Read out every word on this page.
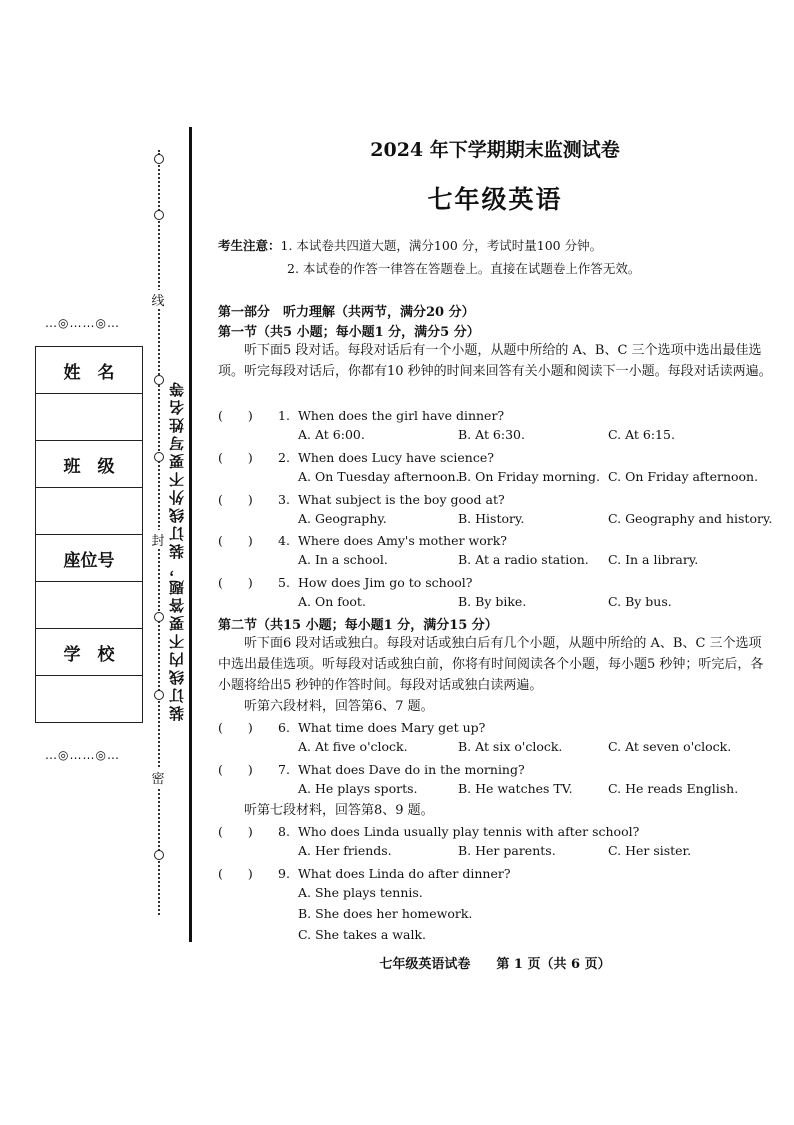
线
封
密
装订线内不要答题，装订线外不要写姓名等
…◎……◎…
…◎……◎…
姓　名

班　级

座位号

学　校

2024 年下学期期末监测试卷
七年级英语
考生注意：1. 本试卷共四道大题，满分100 分，考试时量100 分钟。
2. 本试卷的作答一律答在答题卷上。直接在试题卷上作答无效。
第一部分　听力理解（共两节，满分20 分）
第一节（共5 小题；每小题1 分，满分5 分）
听下面5 段对话。每段对话后有一个小题，从题中所给的 A、B、C 三个选项中选出最佳选项。听完每段对话后，你都有10 秒钟的时间来回答有关小题和阅读下一小题。每段对话读两遍。
(　　) 1. When does the girl have dinner?
A. At 6:00.	B. At 6:30.	C. At 6:15.
(　　) 2. When does Lucy have science?
A. On Tuesday afternoon.
B. On Friday morning. C. On Friday afternoon.
(　　) 3. What subject is the boy good at?
A. Geography.	B. History.	C. Geography and history.
(　　) 4. Where does Amy's mother work?
A. In a school.	B. At a radio station. C. In a library.
(　　) 5. How does Jim go to school?
A. On foot.	B. By bike.	C. By bus.
第二节（共15 小题；每小题1 分，满分15 分）
听下面6 段对话或独白。每段对话或独白后有几个小题，从题中所给的 A、B、C 三个选项中选出最佳选项。听每段对话或独白前，你将有时间阅读各个小题，每小题5 秒钟；听完后，各小题将给出5 秒钟的作答时间。每段对话或独白读两遍。
听第六段材料，回答第6、7 题。
(　　) 6. What time does Mary get up?
A. At five o'clock.	B. At six o'clock.	C. At seven o'clock.
(　　) 7. What does Dave do in the morning?
A. He plays sports.	B. He watches TV.	C. He reads English.
听第七段材料，回答第8、9 题。
(　　) 8. Who does Linda usually play tennis with after school?
A. Her friends.	B. Her parents.	C. Her sister.
(　　) 9. What does Linda do after dinner?
A. She plays tennis.
B. She does her homework.
C. She takes a walk.
七年级英语试卷　　第 1 页（共 6 页）
